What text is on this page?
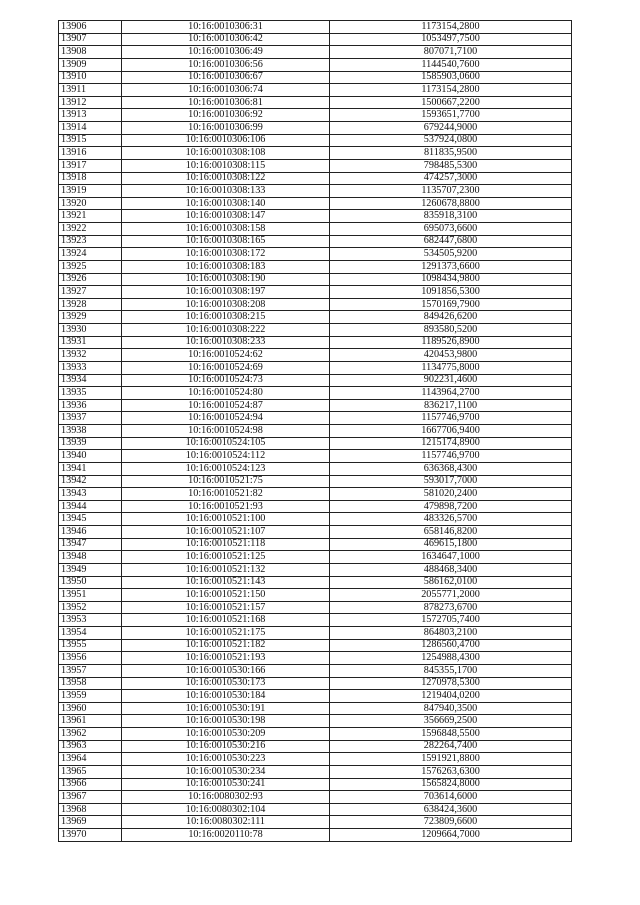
13906	10:16:0010306:31	1173154,2800
13907	10:16:0010306:42	1053497,7500
13908	10:16:0010306:49	807071,7100
13909	10:16:0010306:56	1144540,7600
13910	10:16:0010306:67	1585903,0600
13911	10:16:0010306:74	1173154,2800
13912	10:16:0010306:81	1500667,2200
13913	10:16:0010306:92	1593651,7700
13914	10:16:0010306:99	679244,9000
13915	10:16:0010306:106	537924,0800
13916	10:16:0010308:108	811835,9500
13917	10:16:0010308:115	798485,5300
13918	10:16:0010308:122	474257,3000
13919	10:16:0010308:133	1135707,2300
13920	10:16:0010308:140	1260678,8800
13921	10:16:0010308:147	835918,3100
13922	10:16:0010308:158	695073,6600
13923	10:16:0010308:165	682447,6800
13924	10:16:0010308:172	534505,9200
13925	10:16:0010308:183	1291373,6600
13926	10:16:0010308:190	1098434,9800
13927	10:16:0010308:197	1091856,5300
13928	10:16:0010308:208	1570169,7900
13929	10:16:0010308:215	849426,6200
13930	10:16:0010308:222	893580,5200
13931	10:16:0010308:233	1189526,8900
13932	10:16:0010524:62	420453,9800
13933	10:16:0010524:69	1134775,8000
13934	10:16:0010524:73	902231,4600
13935	10:16:0010524:80	1143964,2700
13936	10:16:0010524:87	836217,1100
13937	10:16:0010524:94	1157746,9700
13938	10:16:0010524:98	1667706,9400
13939	10:16:0010524:105	1215174,8900
13940	10:16:0010524:112	1157746,9700
13941	10:16:0010524:123	636368,4300
13942	10:16:0010521:75	593017,7000
13943	10:16:0010521:82	581020,2400
13944	10:16:0010521:93	479898,7200
13945	10:16:0010521:100	483326,5700
13946	10:16:0010521:107	658146,8200
13947	10:16:0010521:118	469615,1800
13948	10:16:0010521:125	1634647,1000
13949	10:16:0010521:132	488468,3400
13950	10:16:0010521:143	586162,0100
13951	10:16:0010521:150	2055771,2000
13952	10:16:0010521:157	878273,6700
13953	10:16:0010521:168	1572705,7400
13954	10:16:0010521:175	864803,2100
13955	10:16:0010521:182	1286560,4700
13956	10:16:0010521:193	1254988,4300
13957	10:16:0010530:166	845355,1700
13958	10:16:0010530:173	1270978,5300
13959	10:16:0010530:184	1219404,0200
13960	10:16:0010530:191	847940,3500
13961	10:16:0010530:198	356669,2500
13962	10:16:0010530:209	1596848,5500
13963	10:16:0010530:216	282264,7400
13964	10:16:0010530:223	1591921,8800
13965	10:16:0010530:234	1576263,6300
13966	10:16:0010530:241	1565824,8000
13967	10:16:0080302:93	703614,6000
13968	10:16:0080302:104	638424,3600
13969	10:16:0080302:111	723809,6600
13970	10:16:0020110:78	1209664,7000
